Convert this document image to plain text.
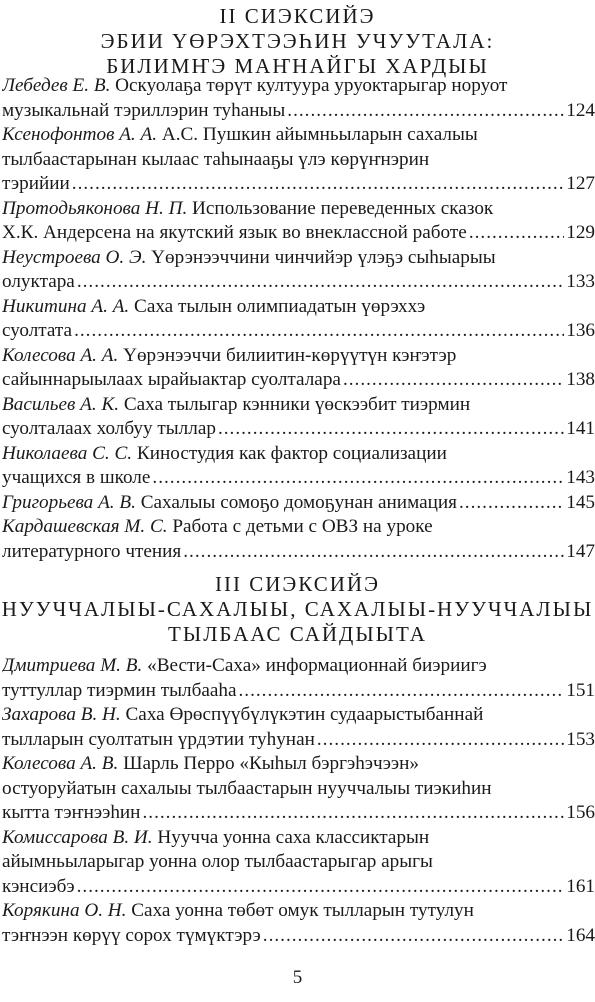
II СИЭКСИЙЭ
ЭБИИ ҮӨРЭХТЭЭҺИН УЧУУТАЛА:
БИЛИМҤЭ МАҤНАЙГЫ ХАРДЫЫ
Лебедев Е. В. Оскуолаҕа төрүт култуура уруоктарыгар норуот
музыкальнай тэриллэрин туһаныы .....	124
Ксенофонтов А. А. А.С. Пушкин айымньыларын сахалыы
тылбаастарынан кылаас таһынааҕы үлэ көрүҥнэрин
тэрийии .....	127
Протодьяконова Н. П. Использование переведенных сказок
Х.К. Андерсена на якутский язык во внеклассной работе .....	129
Неустроева О. Э. Үөрэнээччини чинчийэр үлэҕэ сыһыарыы
олуктара .....	133
Никитина А. А. Саха тылын олимпиадатын үөрэххэ
суолтата .....	136
Колесова А. А. Үөрэнээччи билиитин-көрүүтүн кэҥэтэр
сайыннарыылаах ырайыактар суолталара .....	138
Васильев А. К. Саха тылыгар кэнники үөскээбит тиэрмин
суолталаах холбуу тыллар .....	141
Николаева С. С. Киностудия как фактор социализации
учащихся в школе .....	143
Григорьева А. В. Сахалыы сомоҕо домоҕунан анимация .....	145
Кардашевская М. С. Работа с детьми с ОВЗ на уроке
литературного чтения .....	147
III СИЭКСИЙЭ
НУУЧЧАЛЫЫ-САХАЛЫЫ, САХАЛЫЫ-НУУЧЧАЛЫЫ
ТЫЛБААС САЙДЫЫТА
Дмитриева М. В. «Вести-Саха» информационнай биэриигэ
туттуллар тиэрмин тылбааһа .....	151
Захарова В. Н. Саха Өрөспүүбүлүкэтин судаарыстыбаннай
тылларын суолтатын үрдэтии туһунан .....	153
Колесова А. В. Шарль Перро «Кыһыл бэргэһэчээн»
остуоруйатын сахалыы тылбаастарын нууччалыы тиэкиһин
кытта тэҥнээһин .....	156
Комиссарова В. И. Нуучча уонна саха классиктарын
айымньыларыгар уонна олор тылбаастарыгар арыгы
кэнсиэбэ .....	161
Корякина О. Н. Саха уонна төбөт омук тылларын тутулун
тэҥнээн көрүү сорох түмүктэрэ .....	164
5
